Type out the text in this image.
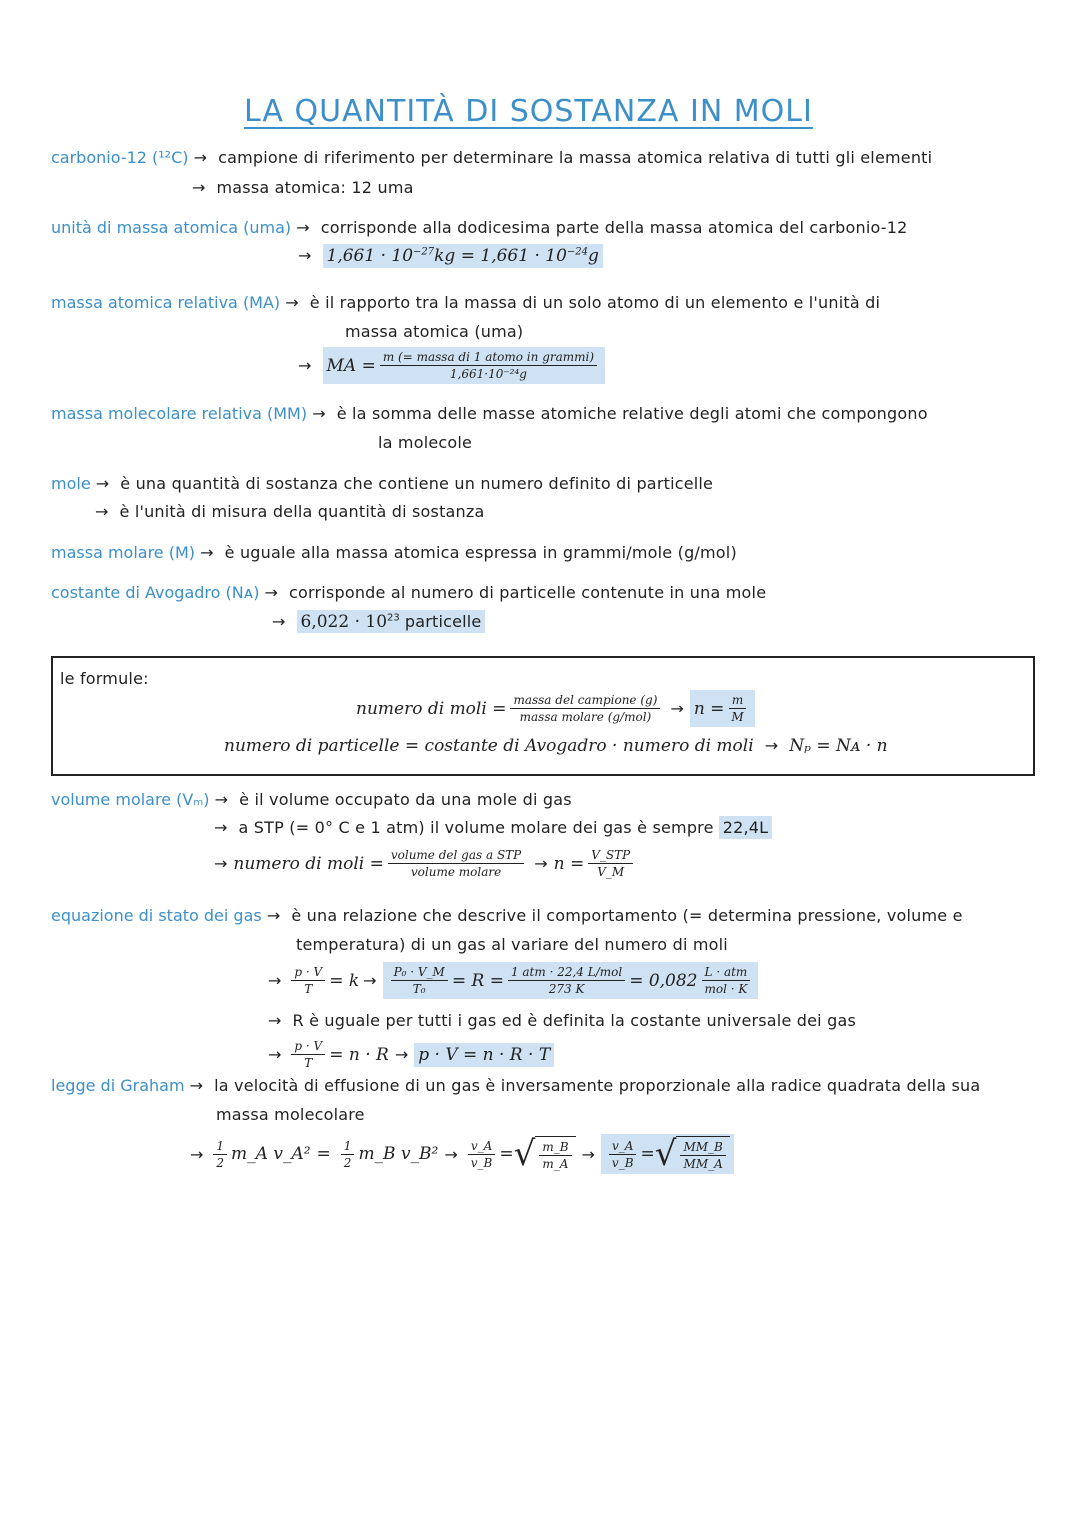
LA QUANTITÀ DI SOSTANZA IN MOLI
carbonio-12 (¹²C) → campione di riferimento per determinare la massa atomica relativa di tutti gli elementi
→ massa atomica: 12 uma
unità di massa atomica (uma) → corrisponde alla dodicesima parte della massa atomica del carbonio-12
→ $1,661 \cdot 10^{-27}kg = 1,661 \cdot 10^{-24}g$
massa atomica relativa (MA) → è il rapporto tra la massa di un solo atomo di un elemento e l'unità di
massa atomica (uma)
→ MA = $\frac{\text{m (= massa di 1 atomo in grammi)}}{\text{1,661·10⁻²⁴g}}$
massa molecolare relativa (MM) → è la somma delle masse atomiche relative degli atomi che compongono
la molecole
mole → è una quantità di sostanza che contiene un numero definito di particelle
→ è l'unità di misura della quantità di sostanza
massa molare (M) → è uguale alla massa atomica espressa in grammi/mole (g/mol)
costante di Avogadro (Nᴀ) → corrisponde al numero di particelle contenute in una mole
→ $6,022 \cdot 10^{23}$ particelle
le formule:
numero di moli = $\frac{\text{massa del campione (g)}}{\text{massa molare (g/mol)}} \to n = \frac{m}{M}$
numero di particelle = costante di Avogadro · numero di moli → Nₚ = Nᴀ · n
volume molare (Vₘ) → è il volume occupato da una mole di gas
→ a STP (= 0° C e 1 atm) il volume molare dei gas è sempre 22,4L
→ numero di moli = $\frac{\text{volume del gas a STP}}{\text{volume molare}} \to n = \frac{\text{V\_STP}}{V\_M}$
equazione di stato dei gas → è una relazione che descrive il comportamento (= determina pressione, volume e
temperatura) di un gas al variare del numero di moli
→ $\frac{p \cdot V}{T} = k \to \frac{\text{P₀ · V\_M}}{\text{T₀}} = R = \frac{\text{1 atm · 22,4 L/mol}}{273 K} = 0,082 \frac{\text{L · atm}}{\text{mol · K}}$
→ R è uguale per tutti i gas ed è definita la costante universale dei gas
→ $\frac{p \cdot V}{T} = n \cdot R \to p \cdot V = n \cdot R \cdot T$
legge di Graham → la velocità di effusione di un gas è inversamente proporzionale alla radice quadrata della sua
massa molecolare
→ $\frac{1}{2}$ m_A v_A² = $\frac{1}{2}$ m_B v_B² → $\frac{v\_A}{v\_B}$ = √ $\frac{m\_B}{m\_A} \to \frac{v\_A}{v\_B}$ = √ $\frac{MM\_B}{MM\_A}$
